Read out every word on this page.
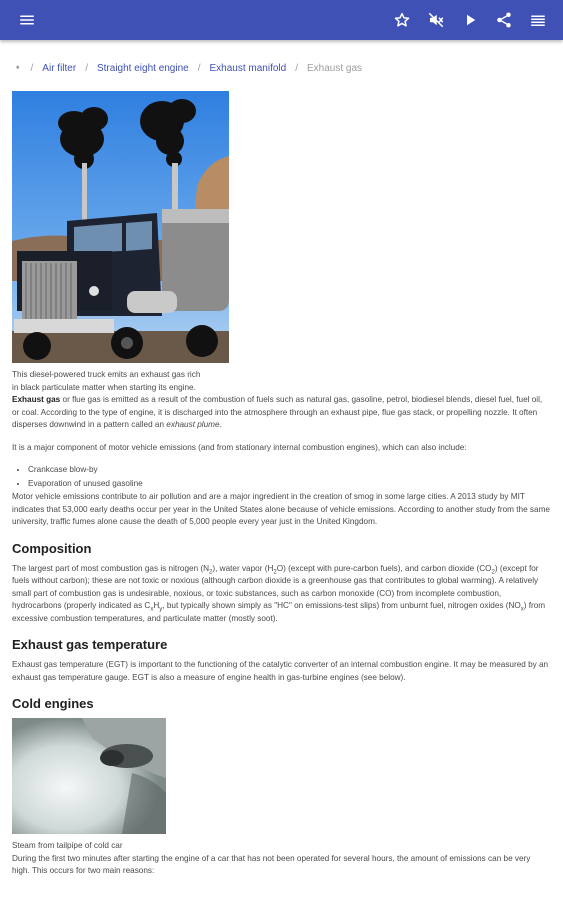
* / Air filter / Straight eight engine / Exhaust manifold / Exhaust gas

This diesel-powered truck emits an exhaust gas rich

in black particulate matter when starting its engine.

Exhaust gas or flue gas is emitted as a result of the combustion of fuels such as natural gas, gasoline, petrol, biodiesel blends, diesel fuel, fuel oil, or coal. According to the type of engine, it is discharged into the atmosphere through an exhaust pipe, flue gas stack, or propelling nozzle. It often disperses downwind in a pattern called an exhaust plume.

It is a major component of motor vehicle emissions (and from stationary internal combustion engines), which can also include:

• Crankcase blow-by
• Evaporation of unused gasoline

Motor vehicle emissions contribute to air pollution and are a major ingredient in the creation of smog in some large cities. A 2013 study by MIT indicates that 53,000 early deaths occur per year in the United States alone because of vehicle emissions. According to another study from the same university, traffic fumes alone cause the death of 5,000 people every year just in the United Kingdom.

Composition

The largest part of most combustion gas is nitrogen $(N_2)$, water vapor $(H_2O)$ (except with pure-carbon fuels), and carbon dioxide $(CO_2)$ (except for fuels without carbon); these are not toxic or noxious (although carbon dioxide is a greenhouse gas that contributes to global warming). A relatively small part of combustion gas is undesirable, noxious, or toxic substances, such as carbon monoxide (CO) from incomplete combustion, hydrocarbons (properly indicated as $C_xH_y$, but typically shown simply as "HC" on emissions-test slips) from unburnt fuel, nitrogen oxides $(NO_x)$ from excessive combustion temperatures, and particulate matter (mostly soot).

Exhaust gas temperature

Exhaust gas temperature (EGT) is important to the functioning of the catalytic converter of an internal combustion engine. It may be measured by an exhaust gas temperature gauge. EGT is also a measure of engine health in gas-turbine engines (see below).

Cold engines

Steam from tailpipe of cold car

During the first two minutes after starting the engine of a car that has not been operated for several hours, the amount of emissions can be very high. This occurs for two main reasons:
